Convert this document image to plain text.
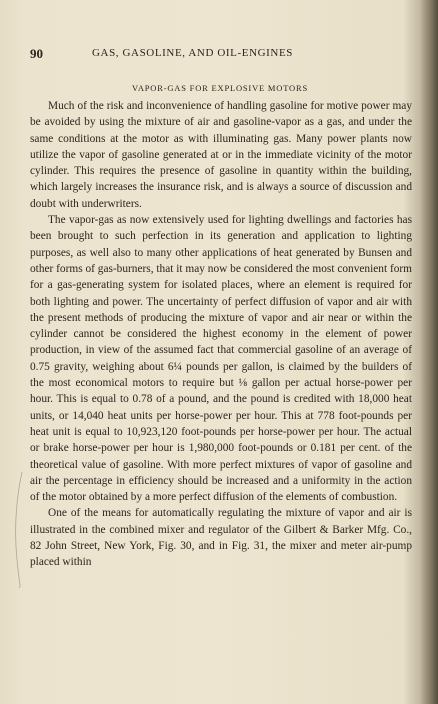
90	GAS, GASOLINE, AND OIL-ENGINES
VAPOR-GAS FOR EXPLOSIVE MOTORS

Much of the risk and inconvenience of handling gasoline for motive power may be avoided by using the mixture of air and gasoline-vapor as a gas, and under the same conditions at the motor as with illuminating gas. Many power plants now utilize the vapor of gasoline generated at or in the immediate vicinity of the motor cylinder. This requires the presence of gasoline in quantity within the building, which largely increases the insurance risk, and is always a source of discussion and doubt with underwriters.

The vapor-gas as now extensively used for lighting dwellings and factories has been brought to such perfection in its generation and application to lighting purposes, as well also to many other applications of heat generated by Bunsen and other forms of gas-burners, that it may now be considered the most convenient form for a gas-generating system for isolated places, where an element is required for both lighting and power. The uncertainty of perfect diffusion of vapor and air with the present methods of producing the mixture of vapor and air near or within the cylinder cannot be considered the highest economy in the element of power production, in view of the assumed fact that commercial gasoline of an average of 0.75 gravity, weighing about 6¼ pounds per gallon, is claimed by the builders of the most economical motors to require but ⅛ gallon per actual horse-power per hour. This is equal to 0.78 of a pound, and the pound is credited with 18,000 heat units, or 14,040 heat units per horse-power per hour. This at 778 foot-pounds per heat unit is equal to 10,923,120 foot-pounds per horse-power per hour. The actual or brake horse-power per hour is 1,980,000 foot-pounds or 0.181 per cent. of the theoretical value of gasoline. With more perfect mixtures of vapor of gasoline and air the percentage in efficiency should be increased and a uniformity in the action of the motor obtained by a more perfect diffusion of the elements of combustion.

One of the means for automatically regulating the mixture of vapor and air is illustrated in the combined mixer and regulator of the Gilbert & Barker Mfg. Co., 82 John Street, New York, Fig. 30, and in Fig. 31, the mixer and meter air-pump placed within
